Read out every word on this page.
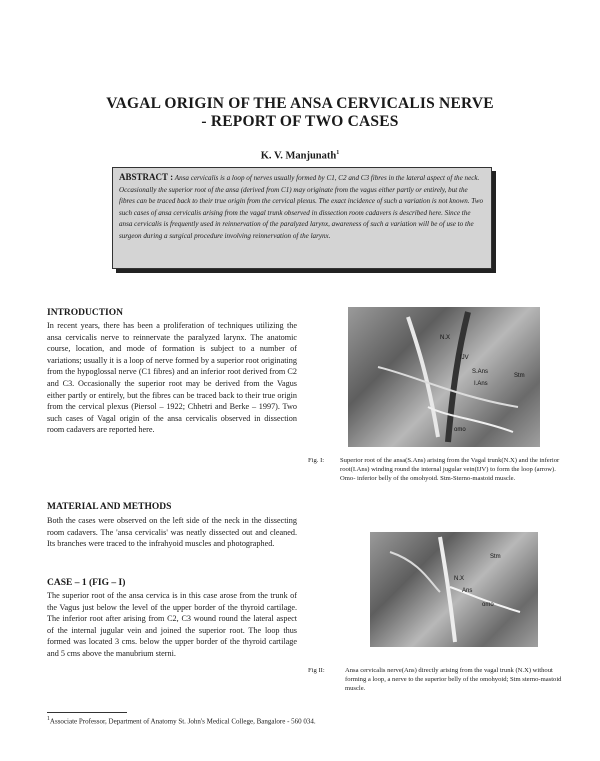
VAGAL ORIGIN OF THE ANSA CERVICALIS NERVE
- REPORT OF TWO CASES
K. V. Manjunath$^1$
ABSTRACT : Ansa cervicalis is a loop of nerves usually formed by C1, C2 and C3 fibres in the lateral aspect of the neck. Occasionally the superior root of the ansa (derived from C1) may originate from the vagus either partly or entirely, but the fibres can be traced back to their true origin from the cervical plexus. The exact incidence of such a variation is not known. Two such cases of ansa cervicalis arising from the vagal trunk observed in dissection room cadavers is described here. Since the ansa cervicalis is frequently used in reinnervation of the paralyzed larynx, awareness of such a variation will be of use to the surgeon during a surgical procedure involving reinnervation of the larynx.
INTRODUCTION
In recent years, there has been a proliferation of techniques utilizing the ansa cervicalis nerve to reinnervate the paralyzed larynx. The anatomic course, location, and mode of formation is subject to a number of variations; usually it is a loop of nerve formed by a superior root originating from the hypoglossal nerve (C1 fibres) and an inferior root derived from C2 and C3. Occasionally the superior root may be derived from the Vagus either partly or entirely, but the fibres can be traced back to their true origin from the cervical plexus (Piersol – 1922; Chhetri and Berke – 1997). Two such cases of Vagal origin of the ansa cervicalis observed in dissection room cadavers are reported here.
MATERIAL AND METHODS
Both the cases were observed on the left side of the neck in the dissecting room cadavers. The 'ansa cervicalis' was neatly dissected out and cleaned. Its branches were traced to the infrahyoid muscles and photographed.
CASE – 1 (FIG – I)
The superior root of the ansa cervica is in this case arose from the trunk of the Vagus just below the level of the upper border of the thyroid cartilage. The inferior root after arising from C2, C3 wound round the lateral aspect of the internal jugular vein and joined the superior root. The loop thus formed was located 3 cms. below the upper border of the thyroid cartilage and 5 cms above the manubrium sterni.
N.X
IJV
S.Ans
I.Ans
Stm
omo
Fig. I: Superior root of the ansa(S.Ans) arising from the Vagal trunk(N.X) and the inferior root(I.Ans) winding round the internal jugular vein(IJV) to form the loop (arrow). Omo- inferior belly of the omohyoid. Stm-Sterno-mastoid muscle.
Stm
N.X
Ans
omo
Fig II:	Ansa cervicalis nerve(Ans) directly arising from the vagal trunk (N.X) without forming a loop, a nerve to the superior belly of the omohyoid; Stm sterno-mastoid muscle.
$^1$Associate Professor, Department of Anatomy St. John's Medical College, Bangalore - 560 034.
